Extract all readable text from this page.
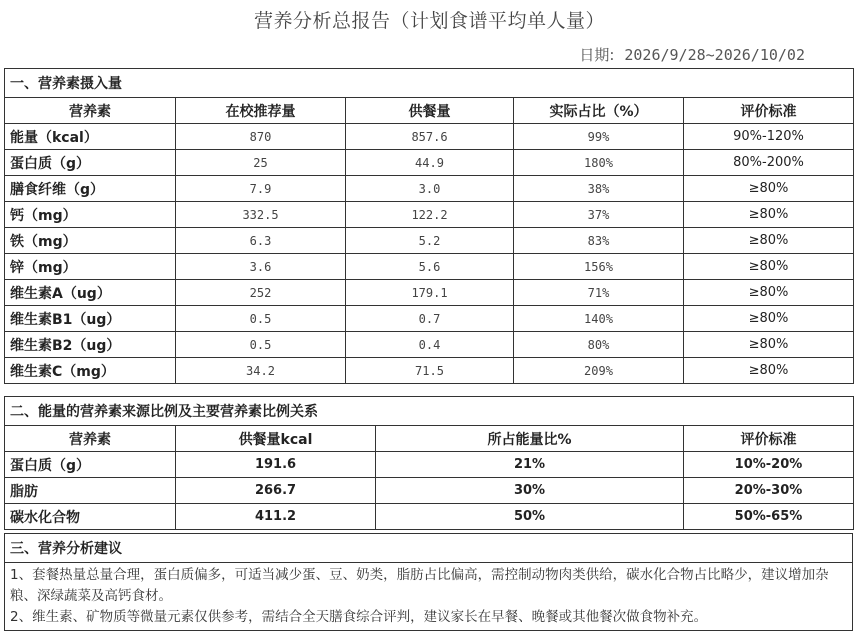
营养分析总报告（计划食谱平均单人量）
日期: 2026/9/28~2026/10/02
一、营养素摄入量				
营养素	在校推荐量	供餐量	实际占比（%）	评价标准
能量（kcal）	870	857.6	99%	90%-120%
蛋白质（g）	25	44.9	180%	80%-200%
膳食纤维（g）	7.9	3.0	38%	≥80%
钙（mg）	332.5	122.2	37%	≥80%
铁（mg）	6.3	5.2	83%	≥80%
锌（mg）	3.6	5.6	156%	≥80%
维生素A（ug）	252	179.1	71%	≥80%
维生素B1（ug）	0.5	0.7	140%	≥80%
维生素B2（ug）	0.5	0.4	80%	≥80%
维生素C（mg）	34.2	71.5	209%	≥80%
二、能量的营养素来源比例及主要营养素比例关系			
营养素	供餐量kcal	所占能量比%	评价标准
蛋白质（g）	191.6	21%	10%-20%
脂肪	266.7	30%	20%-30%
碳水化合物	411.2	50%	50%-65%
三、营养分析建议

1、套餐热量总量合理，蛋白质偏多，可适当减少蛋、豆、奶类，脂肪占比偏高，需控制动物肉类供给，碳水化合物占比略少，建议增加杂粮、深绿蔬菜及高钙食材。
2、维生素、矿物质等微量元素仅供参考，需结合全天膳食综合评判，建议家长在早餐、晚餐或其他餐次做食物补充。
